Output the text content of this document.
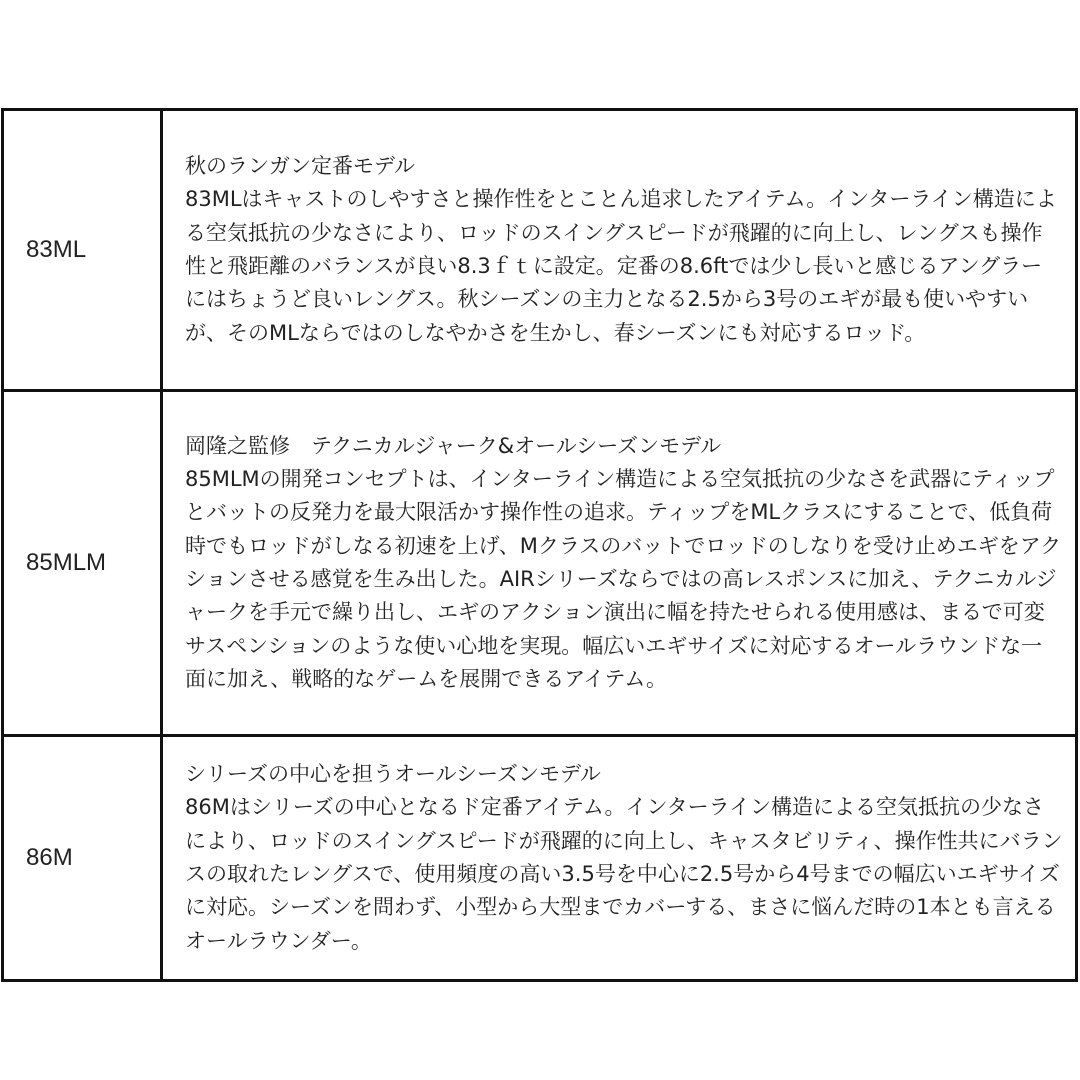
83ML	秋のランガン定番モデル
83MLはキャストのしやすさと操作性をとことん追求したアイテム。インターライン構造による空気抵抗の少なさにより、ロッドのスイングスピードが飛躍的に向上し、レングスも操作性と飛距離のバランスが良い8.3ｆｔに設定。定番の8.6ftでは少し長いと感じるアングラーにはちょうど良いレングス。秋シーズンの主力となる2.5から3号のエギが最も使いやすいが、そのMLならではのしなやかさを生かし、春シーズンにも対応するロッド。

85MLM	岡隆之監修　テクニカルジャーク&オールシーズンモデル
85MLMの開発コンセプトは、インターライン構造による空気抵抗の少なさを武器にティップとバットの反発力を最大限活かす操作性の追求。ティップをMLクラスにすることで、低負荷時でもロッドがしなる初速を上げ、Mクラスのバットでロッドのしなりを受け止めエギをアクションさせる感覚を生み出した。AIRシリーズならではの高レスポンスに加え、テクニカルジャークを手元で繰り出し、エギのアクション演出に幅を持たせられる使用感は、まるで可変サスペンションのような使い心地を実現。幅広いエギサイズに対応するオールラウンドな一面に加え、戦略的なゲームを展開できるアイテム。

86M	シリーズの中心を担うオールシーズンモデル
86Mはシリーズの中心となるド定番アイテム。インターライン構造による空気抵抗の少なさにより、ロッドのスイングスピードが飛躍的に向上し、キャスタビリティ、操作性共にバランスの取れたレングスで、使用頻度の高い3.5号を中心に2.5号から4号までの幅広いエギサイズに対応。シーズンを問わず、小型から大型までカバーする、まさに悩んだ時の1本とも言えるオールラウンダー。
